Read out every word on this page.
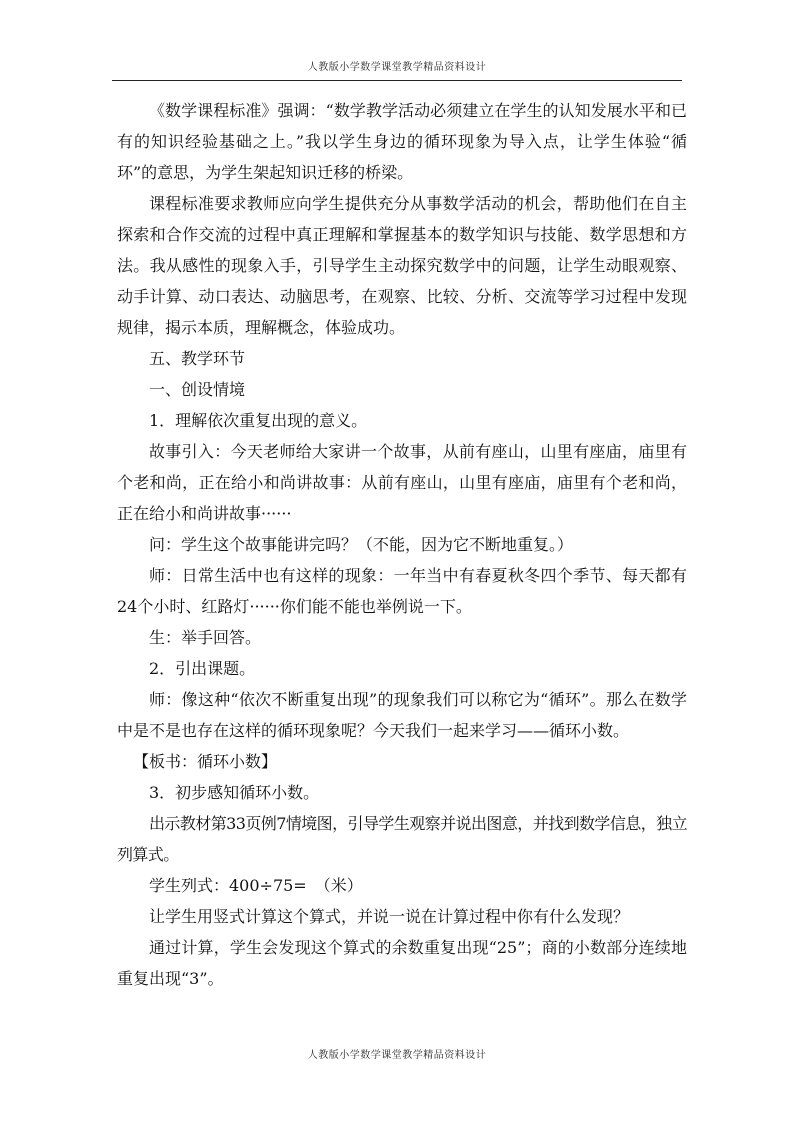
人教版小学数学课堂教学精品资料设计

《数学课程标准》强调：“数学教学活动必须建立在学生的认知发展水平和已有的知识经验基础之上。”我以学生身边的循环现象为导入点，让学生体验“循环”的意思，为学生架起知识迁移的桥梁。

课程标准要求教师应向学生提供充分从事数学活动的机会，帮助他们在自主探索和合作交流的过程中真正理解和掌握基本的数学知识与技能、数学思想和方法。我从感性的现象入手，引导学生主动探究数学中的问题，让学生动眼观察、动手计算、动口表达、动脑思考，在观察、比较、分析、交流等学习过程中发现规律，揭示本质，理解概念，体验成功。

五、教学环节

一、创设情境

1．理解依次重复出现的意义。

故事引入：今天老师给大家讲一个故事，从前有座山，山里有座庙，庙里有个老和尚，正在给小和尚讲故事：从前有座山，山里有座庙，庙里有个老和尚，正在给小和尚讲故事······

问：学生这个故事能讲完吗？（不能，因为它不断地重复。）

师：日常生活中也有这样的现象：一年当中有春夏秋冬四个季节、每天都有24个小时、红路灯······你们能不能也举例说一下。

生：举手回答。

2．引出课题。

师：像这种“依次不断重复出现”的现象我们可以称它为“循环”。那么在数学中是不是也存在这样的循环现象呢？今天我们一起来学习——循环小数。

【板书：循环小数】

3．初步感知循环小数。

出示教材第33页例7情境图，引导学生观察并说出图意，并找到数学信息，独立列算式。

学生列式：400÷75=　（米）

让学生用竖式计算这个算式，并说一说在计算过程中你有什么发现？

通过计算，学生会发现这个算式的余数重复出现“25”；商的小数部分连续地重复出现“3”。

人教版小学数学课堂教学精品资料设计
